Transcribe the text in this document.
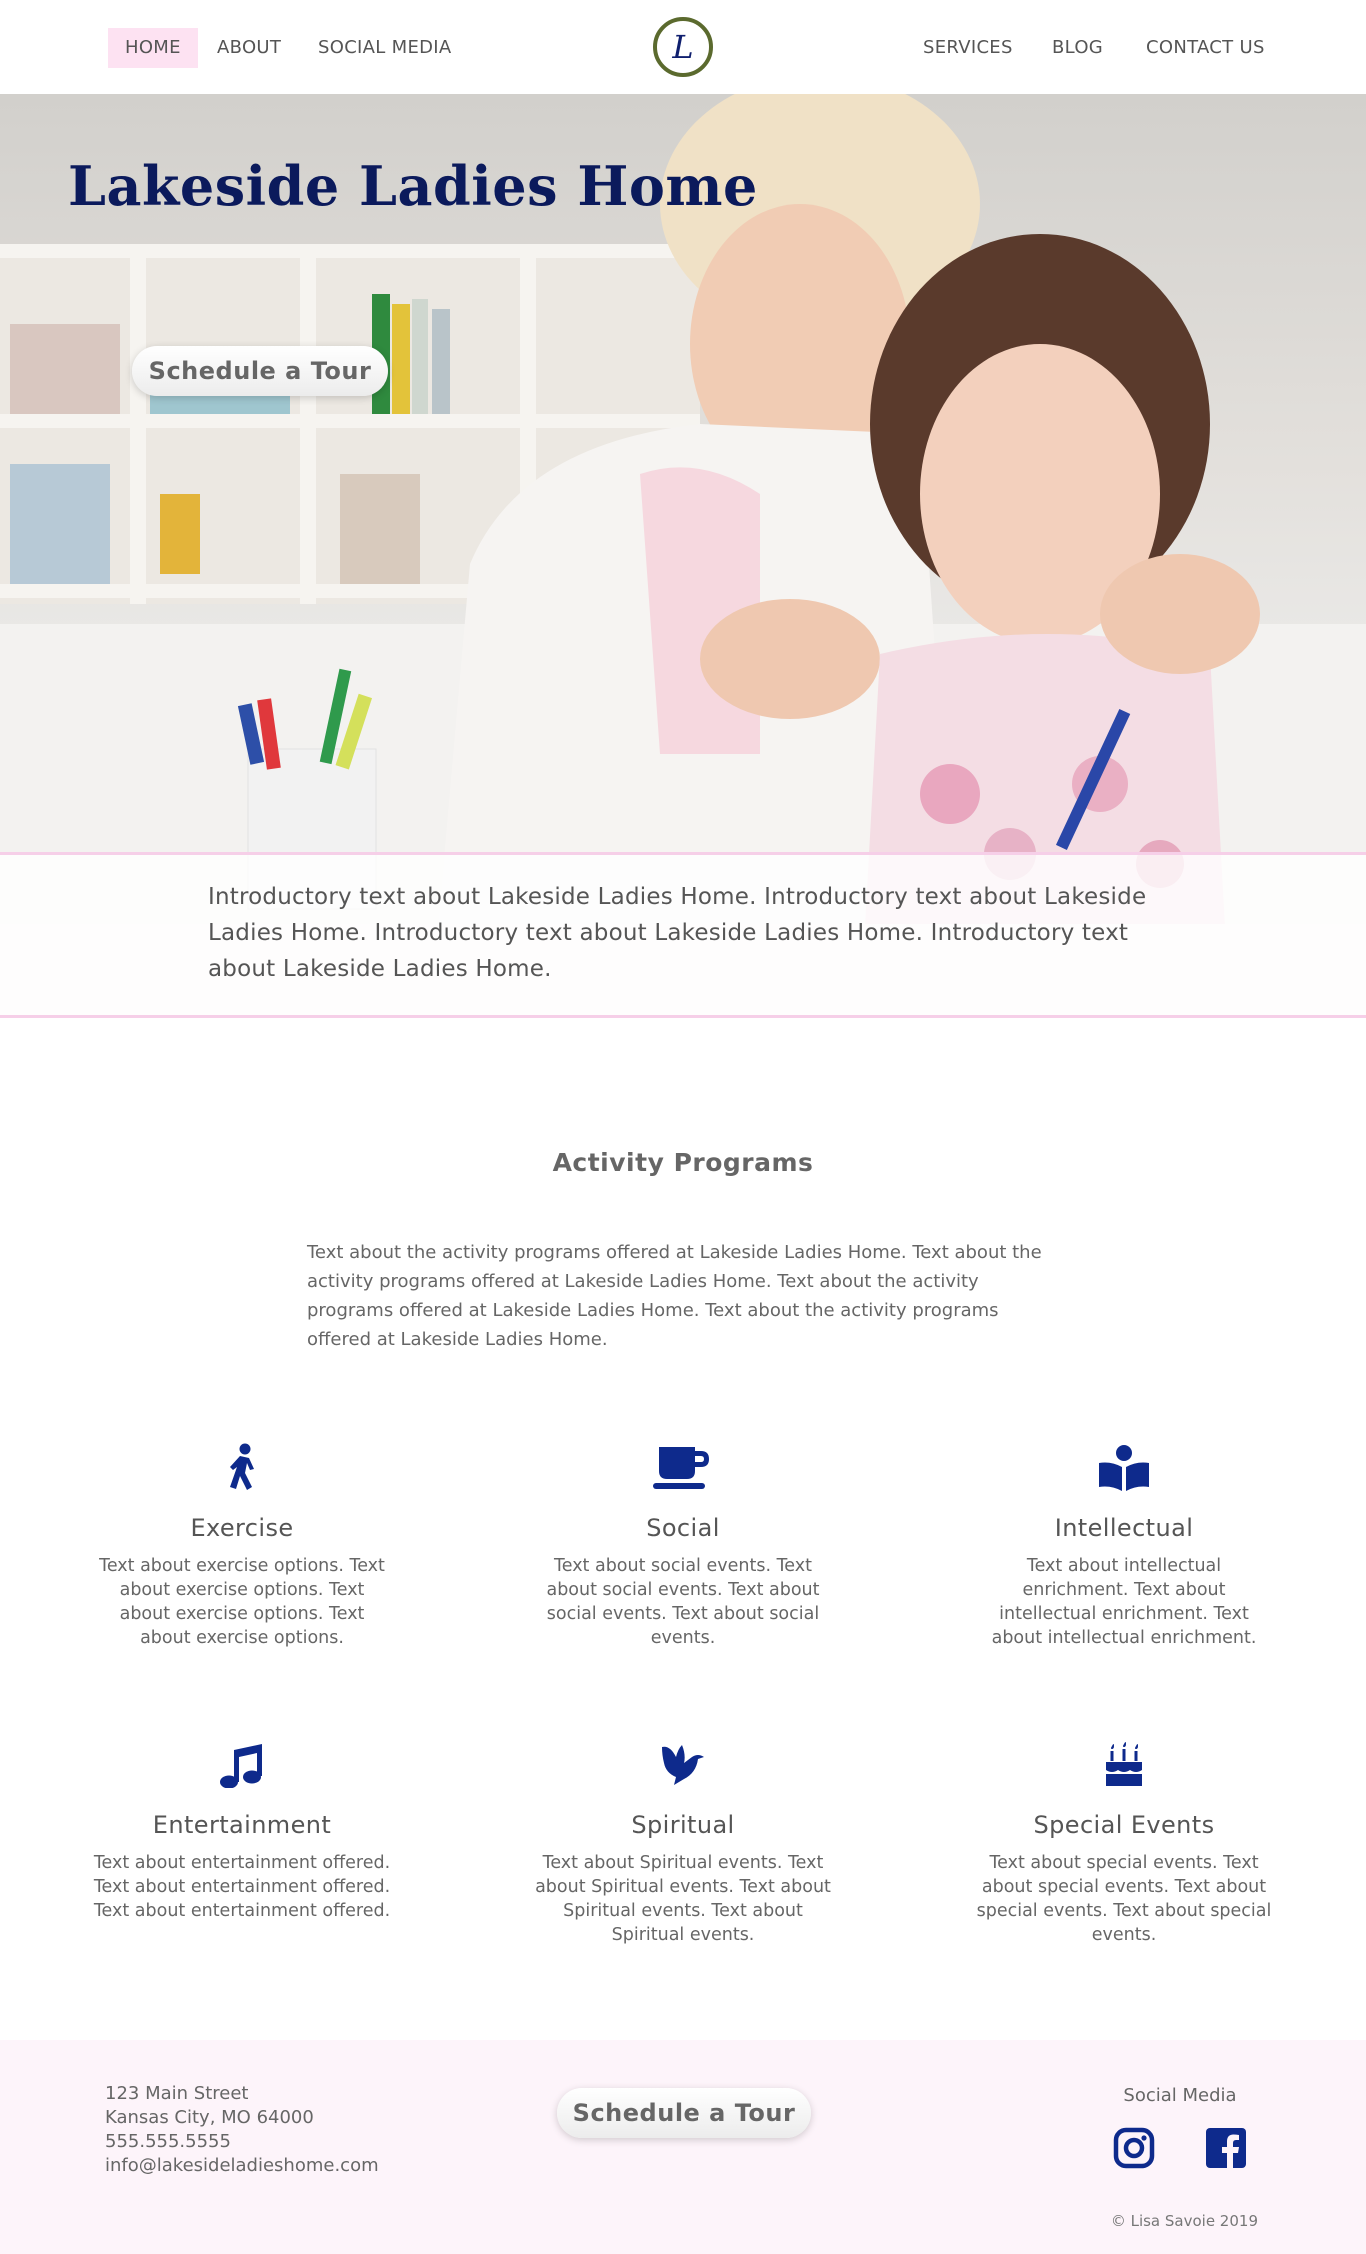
HOME	ABOUT SOCIAL MEDIA	L	SERVICES BLOG CONTACT US
Lakeside Ladies Home
Schedule a Tour

Introductory text about Lakeside Ladies Home. Introductory text about Lakeside Ladies Home. Introductory text about Lakeside Ladies Home. Introductory text about Lakeside Ladies Home.

Activity Programs

Text about the activity programs offered at Lakeside Ladies Home. Text about the activity programs offered at Lakeside Ladies Home. Text about the activity programs offered at Lakeside Ladies Home. Text about the activity programs offered at Lakeside Ladies Home.

Exercise

Text about exercise options. Text about exercise options. Text about exercise options. Text about exercise options.

Social

Text about social events. Text about social events. Text about social events. Text about social events.

Intellectual

Text about intellectual enrichment. Text about intellectual enrichment. Text about intellectual enrichment.

Entertainment

Text about entertainment offered. Text about entertainment offered. Text about entertainment offered.

Spiritual

Text about Spiritual events. Text about Spiritual events. Text about Spiritual events. Text about Spiritual events.

Special Events

Text about special events. Text about special events. Text about special events. Text about special events.

123 Main Street
Kansas City, MO 64000
555.555.5555
info@lakesideladieshome.com
Schedule a Tour
Social Media
© Lisa Savoie 2019
